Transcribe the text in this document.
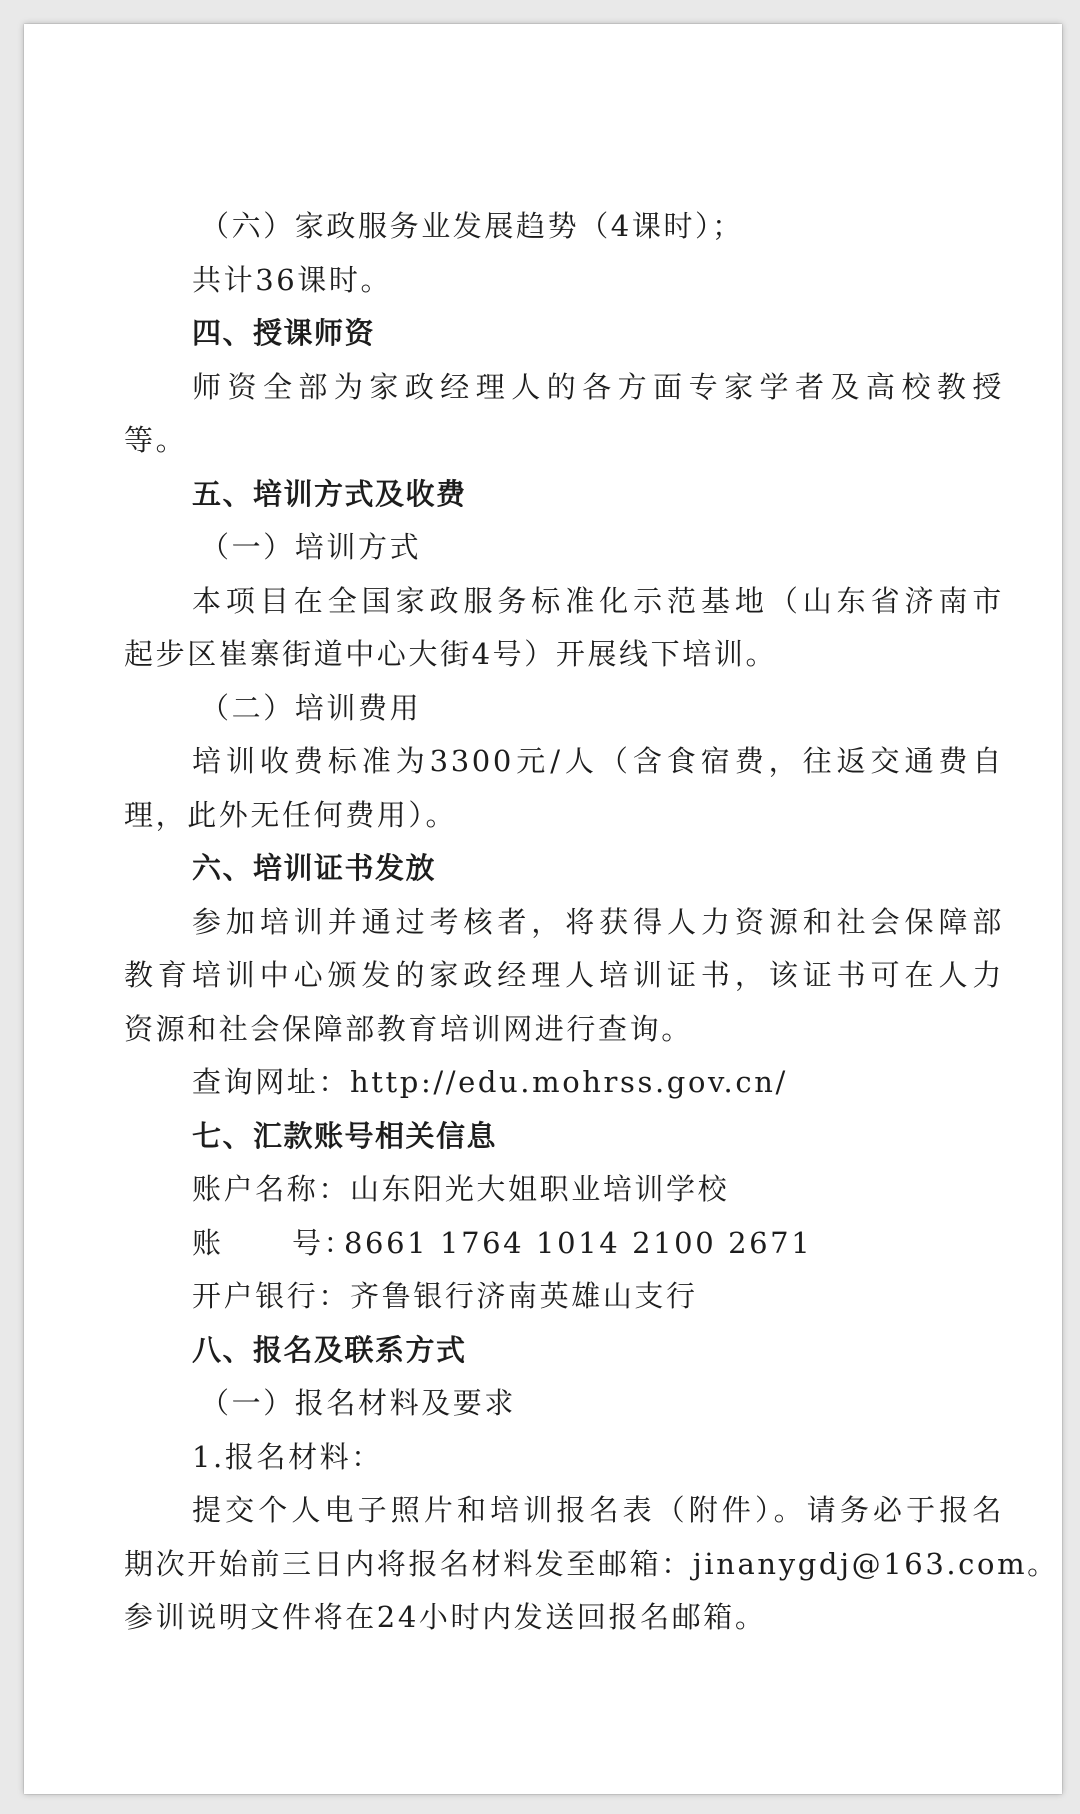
（六）家政服务业发展趋势（4课时）；
共计36课时。
四、授课师资
师资全部为家政经理人的各方面专家学者及高校教授
等。
五、培训方式及收费
（一）培训方式
本项目在全国家政服务标准化示范基地（山东省济南市
起步区崔寨街道中心大街4号）开展线下培训。
（二）培训费用
培训收费标准为3300元/人（含食宿费，往返交通费自
理，此外无任何费用）。
六、培训证书发放
参加培训并通过考核者，将获得人力资源和社会保障部
教育培训中心颁发的家政经理人培训证书，该证书可在人力
资源和社会保障部教育培训网进行查询。
查询网址：http://edu.mohrss.gov.cn/
七、汇款账号相关信息
账户名称：山东阳光大姐职业培训学校
账 号：8661 1764 1014 2100 2671
开户银行：齐鲁银行济南英雄山支行
八、报名及联系方式
（一）报名材料及要求
1.报名材料：
提交个人电子照片和培训报名表（附件）。请务必于报名
期次开始前三日内将报名材料发至邮箱：jinanygdj@163.com。
参训说明文件将在24小时内发送回报名邮箱。
